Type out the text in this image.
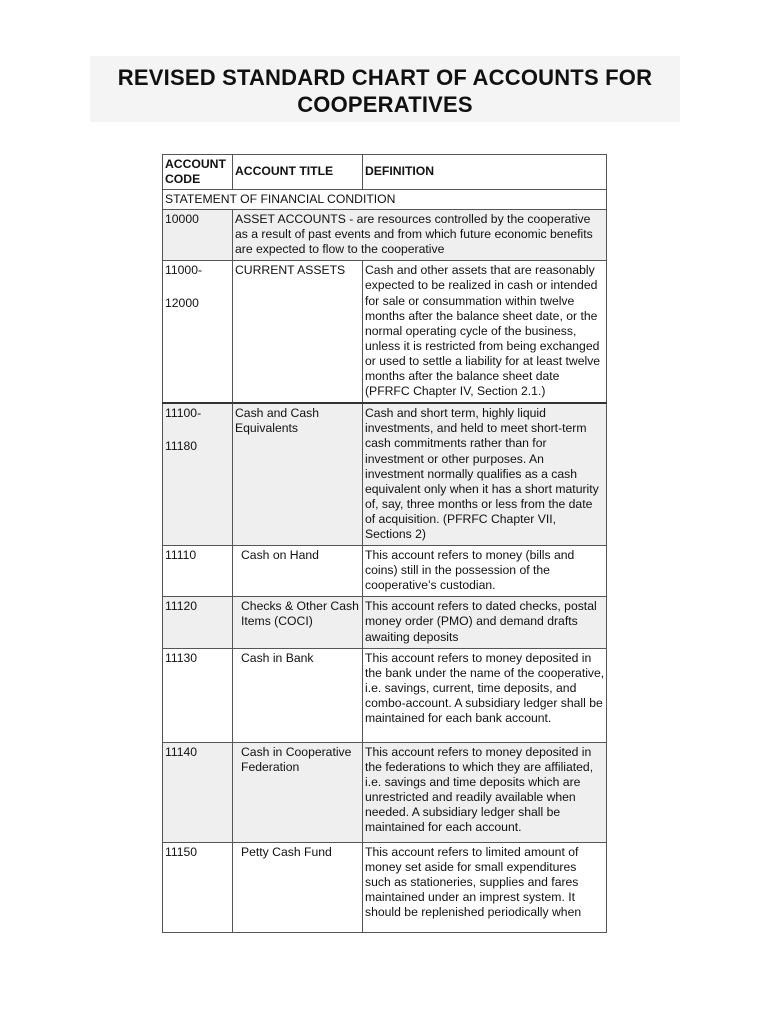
REVISED STANDARD CHART OF ACCOUNTS FOR
COOPERATIVES
ACCOUNT CODE	ACCOUNT TITLE	DEFINITION
STATEMENT OF FINANCIAL CONDITION		
10000	ASSET ACCOUNTS - are resources controlled by the cooperative as a result of past events and from which future economic benefits are expected to flow to the cooperative	
11000-
12000	CURRENT ASSETS	Cash and other assets that are reasonably expected to be realized in cash or intended for sale or consummation within twelve months after the balance sheet date, or the normal operating cycle of the business, unless it is restricted from being exchanged or used to settle a liability for at least twelve months after the balance sheet date (PFRFC Chapter IV, Section 2.1.)
11100-
11180	Cash and Cash Equivalents	Cash and short term, highly liquid investments, and held to meet short-term cash commitments rather than for investment or other purposes. An investment normally qualifies as a cash equivalent only when it has a short maturity of, say, three months or less from the date of acquisition. (PFRFC Chapter VII, Sections 2)
11110	Cash on Hand	This account refers to money (bills and coins) still in the possession of the cooperative’s custodian.
11120	Checks & Other Cash Items (COCI)	This account refers to dated checks, postal money order (PMO) and demand drafts awaiting deposits
11130	Cash in Bank	This account refers to money deposited in the bank under the name of the cooperative, i.e. savings, current, time deposits, and combo-account. A subsidiary ledger shall be maintained for each bank account.
11140	Cash in Cooperative Federation	This account refers to money deposited in the federations to which they are affiliated, i.e. savings and time deposits which are unrestricted and readily available when needed. A subsidiary ledger shall be maintained for each account.
11150	Petty Cash Fund	This account refers to limited amount of money set aside for small expenditures such as stationeries, supplies and fares maintained under an imprest system. It should be replenished periodically when
